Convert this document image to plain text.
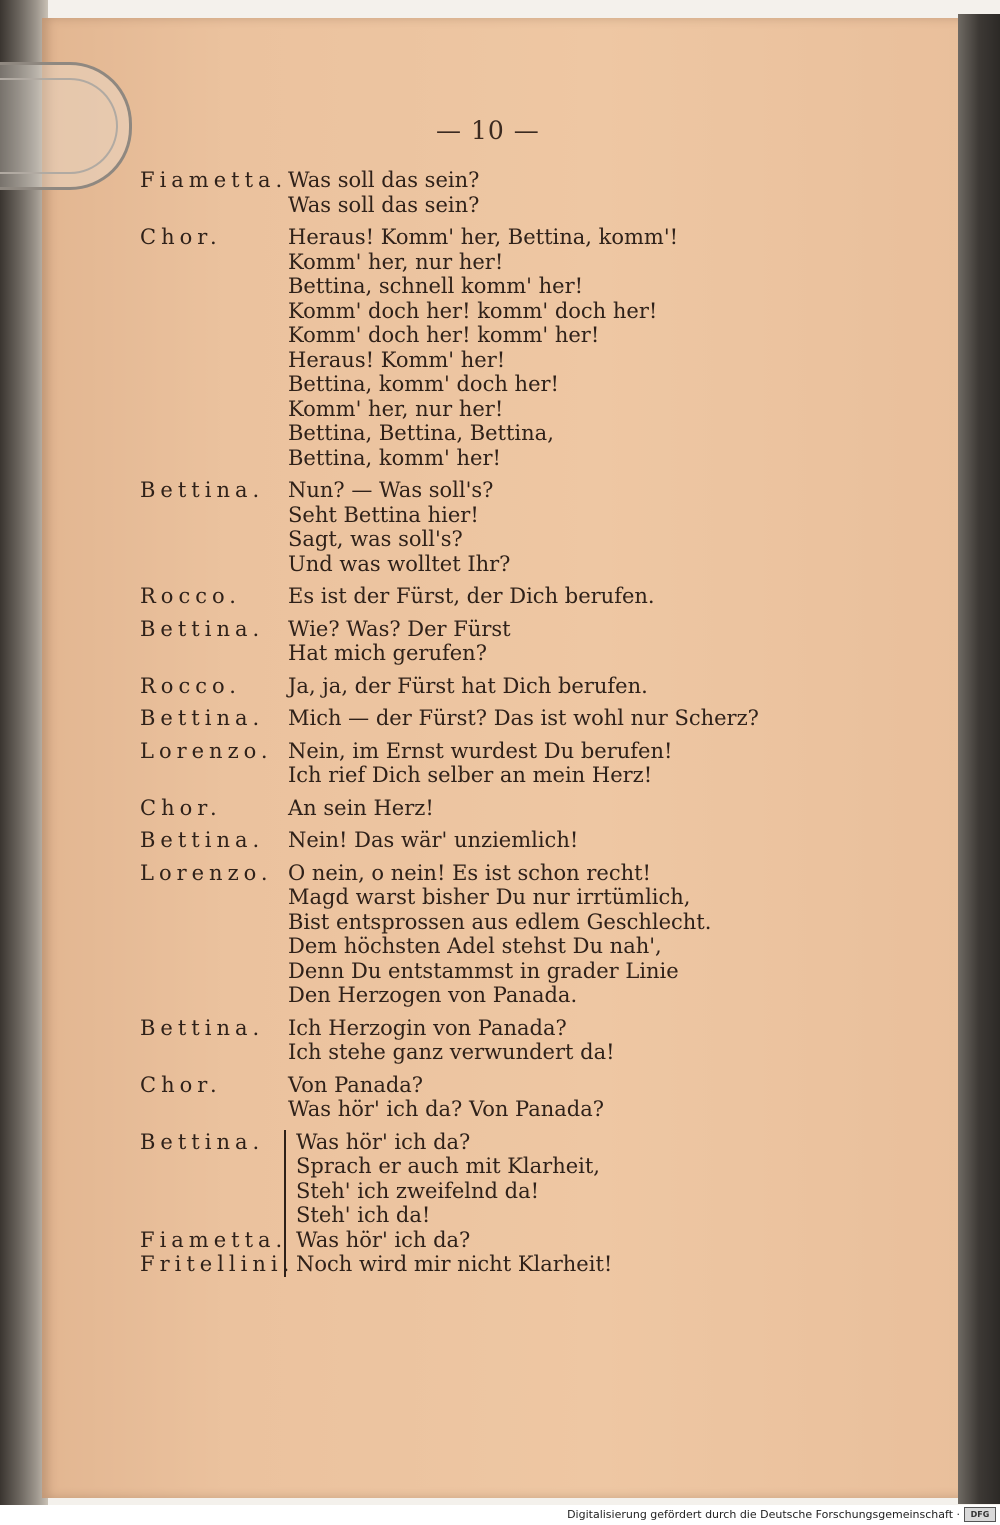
— 10 —
Fiametta. Was soll das sein?
Was soll das sein?
Chor.	Heraus! Komm' her, Bettina, komm'!
Komm' her, nur her!
Bettina, schnell komm' her!
Komm' doch her! komm' doch her!
Komm' doch her! komm' her!
Heraus! Komm' her!
Bettina, komm' doch her!
Komm' her, nur her!
Bettina, Bettina, Bettina,
Bettina, komm' her!
Bettina.	Nun? — Was soll's?
Seht Bettina hier!
Sagt, was soll's?
Und was wolltet Ihr?
Rocco.	Es ist der Fürst, der Dich berufen.
Bettina.	Wie? Was? Der Fürst
Hat mich gerufen?
Rocco.	Ja, ja, der Fürst hat Dich berufen.
Bettina.	Mich — der Fürst? Das ist wohl nur Scherz?
Lorenzo. Nein, im Ernst wurdest Du berufen!
Ich rief Dich selber an mein Herz!
Chor.	An sein Herz!
Bettina.	Nein! Das wär' unziemlich!
Lorenzo. O nein, o nein! Es ist schon recht!
Magd warst bisher Du nur irrtümlich,
Bist entsprossen aus edlem Geschlecht.
Dem höchsten Adel stehst Du nah',
Denn Du entstammst in grader Linie
Den Herzogen von Panada.
Bettina.	Ich Herzogin von Panada?
Ich stehe ganz verwundert da!
Chor.	Von Panada?
Was hör' ich da? Von Panada?
Bettina.	Was hör' ich da?
Sprach er auch mit Klarheit,
Steh' ich zweifelnd da!
Steh' ich da!
Fiametta. Was hör' ich da?
Fritellini. Noch wird mir nicht Klarheit!
Digitalisierung gefördert durch die Deutsche Forschungsgemeinschaft ·	DFG
